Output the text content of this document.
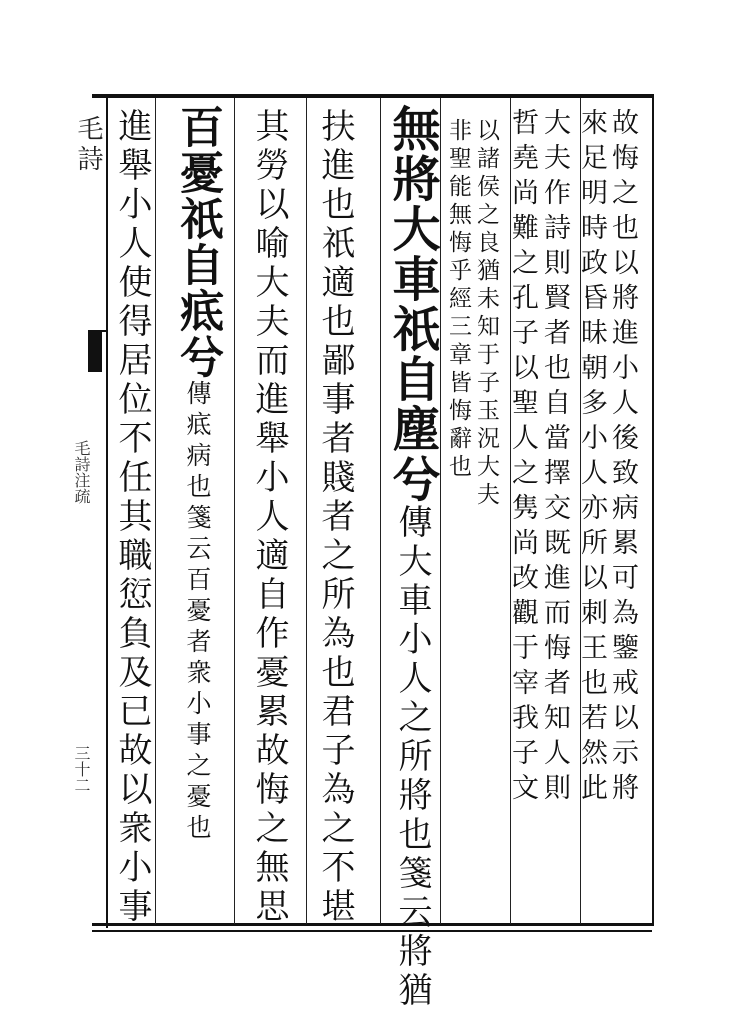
毛詩
毛詩注疏
三十二	故悔之也以將進小人後致病累可為鑒戒以示將
來足明時政昏昧朝多小人亦所以刺王也若然此
大夫作詩則賢者也自當擇交既進而悔者知人則
哲堯尚難之孔子以聖人之隽尚改觀于宰我子文
以諸侯之良猶未知于子玉況大夫
非聖能無悔乎經三章皆悔辭也
無將大車祇自塵兮傳大車小人之所將也箋云將猶
扶進也祇適也鄙事者賤者之所為也君子為之不堪
其勞以喻大夫而進舉小人適自作憂累故悔之無思
百憂祇自疷兮傳疷病也箋云百憂者衆小事之憂也
進舉小人使得居位不任其職愆負及已故以衆小事
